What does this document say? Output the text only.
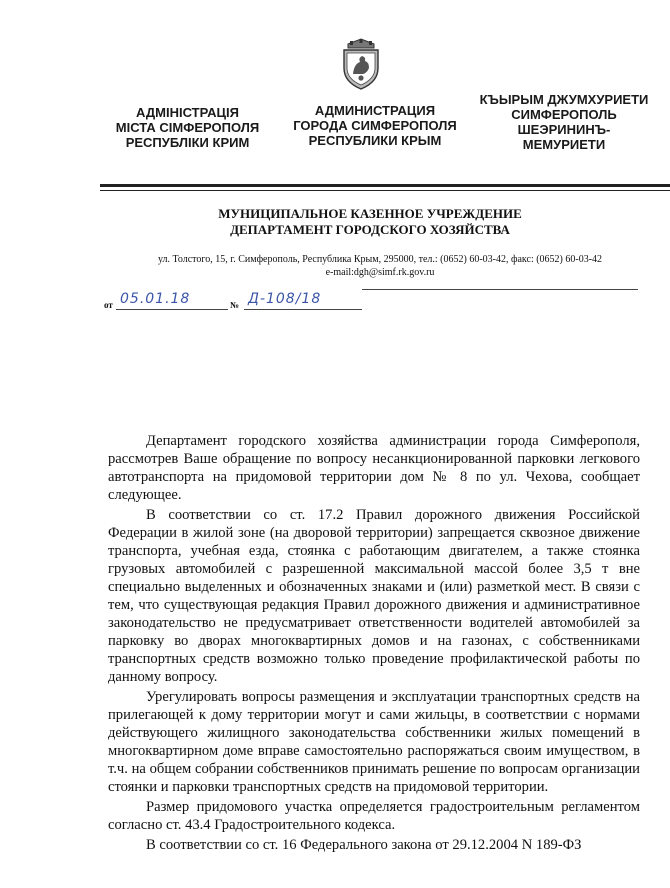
АДМІНІСТРАЦІЯ
МІСТА СІМФЕРОПОЛЯ
РЕСПУБЛІКИ КРИМ
АДМИНИСТРАЦИЯ
ГОРОДА СИМФЕРОПОЛЯ
РЕСПУБЛИКИ КРЫМ
КЪЫРЫМ ДЖУМХУРИЕТИ
СИМФЕРОПОЛЬ
ШЕЭРИНИНЪ-
МЕМУРИЕТИ
МУНИЦИПАЛЬНОЕ КАЗЕННОЕ УЧРЕЖДЕНИЕ
ДЕПАРТАМЕНТ ГОРОДСКОГО ХОЗЯЙСТВА
ул. Толстого, 15, г. Симферополь, Республика Крым, 295000, тел.: (0652) 60-03-42, факс: (0652) 60-03-42
e-mail:dgh@simf.rk.gov.ru
от 05.01.18	№ Д-108/18

Департамент городского хозяйства администрации города Симферополя, рассмотрев Ваше обращение по вопросу несанкционированной парковки легкового автотранспорта на придомовой территории дом № 8 по ул. Чехова, сообщает следующее.

В соответствии со ст. 17.2 Правил дорожного движения Российской Федерации в жилой зоне (на дворовой территории) запрещается сквозное движение транспорта, учебная езда, стоянка с работающим двигателем, а также стоянка грузовых автомобилей с разрешенной максимальной массой более 3,5 т вне специально выделенных и обозначенных знаками и (или) разметкой мест. В связи с тем, что существующая редакция Правил дорожного движения и административное законодательство не предусматривает ответственности водителей автомобилей за парковку во дворах многоквартирных домов и на газонах, с собственниками транспортных средств возможно только проведение профилактической работы по данному вопросу.

Урегулировать вопросы размещения и эксплуатации транспортных средств на прилегающей к дому территории могут и сами жильцы, в соответствии с нормами действующего жилищного законодательства собственники жилых помещений в многоквартирном доме вправе самостоятельно распоряжаться своим имуществом, в т.ч. на общем собрании собственников принимать решение по вопросам организации стоянки и парковки транспортных средств на придомовой территории.

Размер придомового участка определяется градостроительным регламентом согласно ст. 43.4 Градостроительного кодекса.

В соответствии со ст. 16 Федерального закона от 29.12.2004 N 189-ФЗ
